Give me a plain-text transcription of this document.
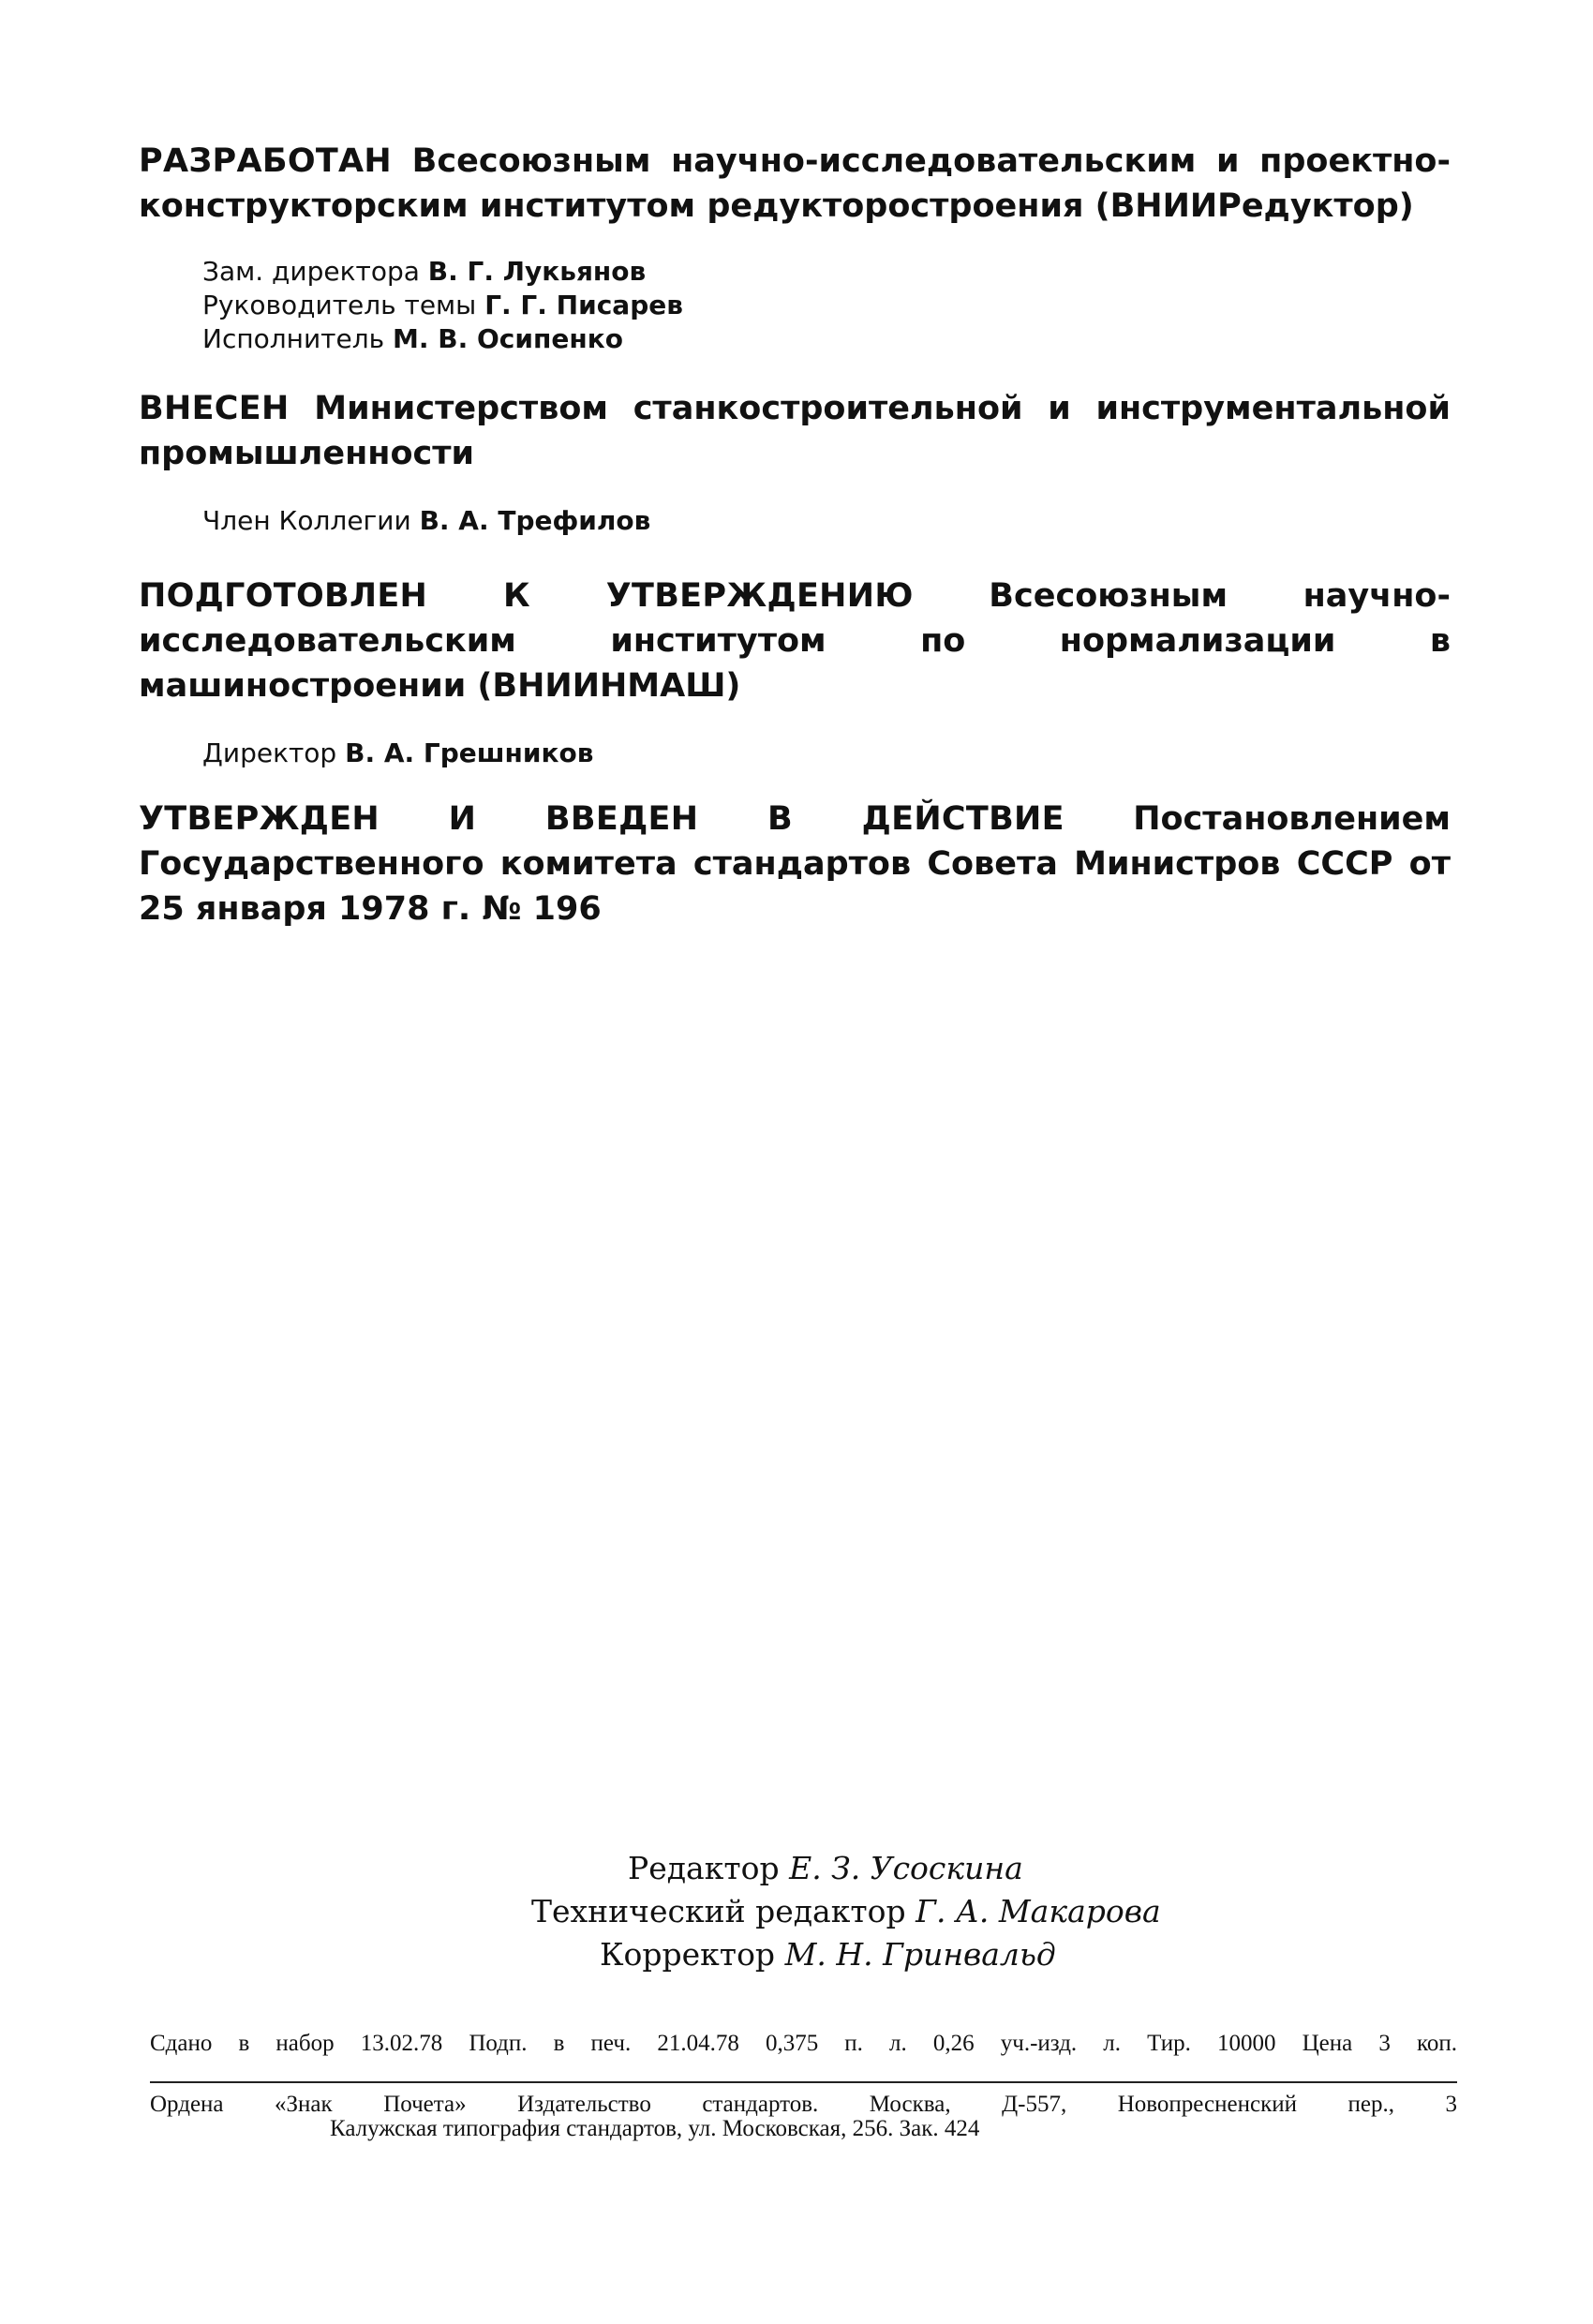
РАЗРАБОТАН Всесоюзным научно-исследовательским и проектно-конструкторским институтом редукторостроения (ВНИИРедуктор)

Зам. директора В. Г. Лукьянов
Руководитель темы Г. Г. Писарев
Исполнитель М. В. Осипенко

ВНЕСЕН Министерством станкостроительной и инструментальной промышленности

Член Коллегии В. А. Трефилов

ПОДГОТОВЛЕН К УТВЕРЖДЕНИЮ Всесоюзным научно-исследовательским институтом по нормализации в машиностроении (ВНИИНМАШ)

Директор В. А. Грешников

УТВЕРЖДЕН И ВВЕДЕН В ДЕЙСТВИЕ Постановлением Государственного комитета стандартов Совета Министров СССР от 25 января 1978 г. № 196

Редактор Е. З. Усоскина
Технический редактор Г. А. Макарова
Корректор М. Н. Гринвальд
Сдано в набор 13.02.78 Подп. в печ. 21.04.78 0,375 п. л. 0,26 уч.-изд. л. Тир. 10000 Цена 3 коп.
Ордена «Знак Почета» Издательство стандартов. Москва, Д-557, Новопресненский пер., 3
Калужская типография стандартов, ул. Московская, 256. Зак. 424
